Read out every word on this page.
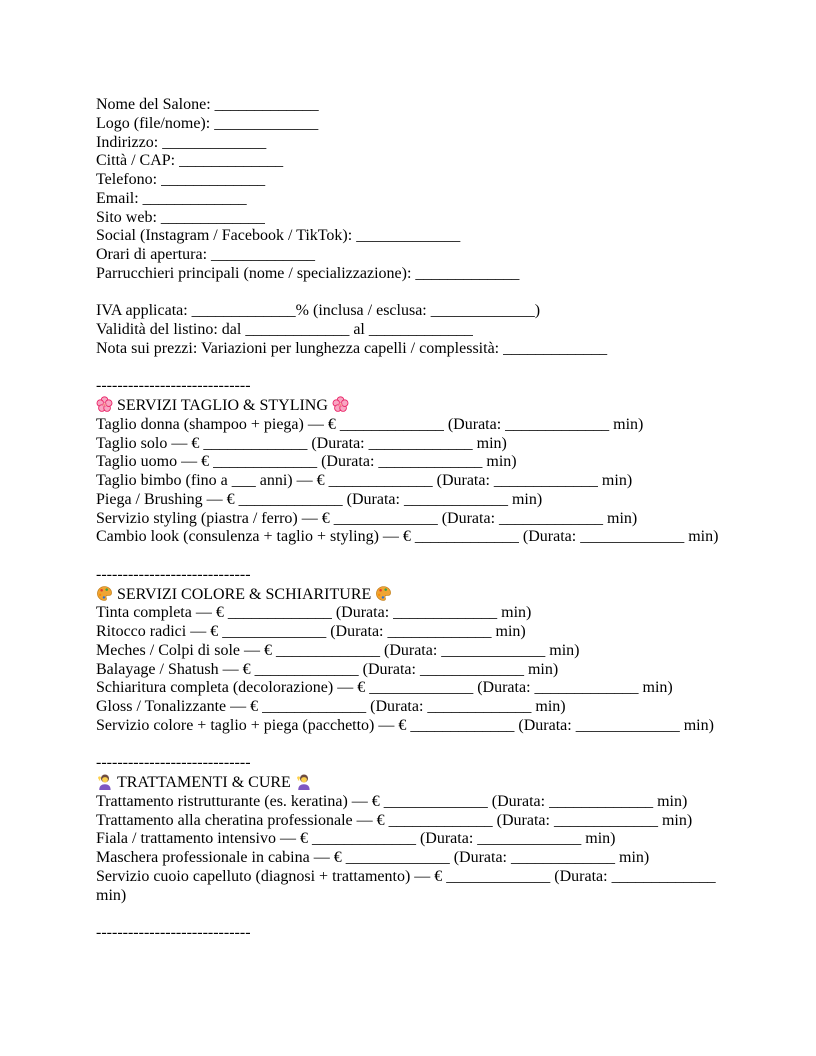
Nome del Salone: _____________
Logo (file/nome): _____________
Indirizzo: _____________
Città / CAP: _____________
Telefono: _____________
Email: _____________
Sito web: _____________
Social (Instagram / Facebook / TikTok): _____________
Orari di apertura: _____________
Parrucchieri principali (nome / specializzazione): _____________
IVA applicata: _____________% (inclusa / esclusa: _____________)
Validità del listino: dal _____________ al _____________
Nota sui prezzi: Variazioni per lunghezza capelli / complessità: _____________
-----------------------------
SERVIZI TAGLIO & STYLING
Taglio donna (shampoo + piega) — € _____________ (Durata: _____________ min)
Taglio solo — € _____________ (Durata: _____________ min)
Taglio uomo — € _____________ (Durata: _____________ min)
Taglio bimbo (fino a ___ anni) — € _____________ (Durata: _____________ min)
Piega / Brushing — € _____________ (Durata: _____________ min)
Servizio styling (piastra / ferro) — € _____________ (Durata: _____________ min)
Cambio look (consulenza + taglio + styling) — € _____________ (Durata: _____________ min)
-----------------------------
SERVIZI COLORE & SCHIARITURE
Tinta completa — € _____________ (Durata: _____________ min)
Ritocco radici — € _____________ (Durata: _____________ min)
Meches / Colpi di sole — € _____________ (Durata: _____________ min)
Balayage / Shatush — € _____________ (Durata: _____________ min)
Schiaritura completa (decolorazione) — € _____________ (Durata: _____________ min)
Gloss / Tonalizzante — € _____________ (Durata: _____________ min)
Servizio colore + taglio + piega (pacchetto) — € _____________ (Durata: _____________ min)
-----------------------------
TRATTAMENTI & CURE
Trattamento ristrutturante (es. keratina) — € _____________ (Durata: _____________ min)
Trattamento alla cheratina professionale — € _____________ (Durata: _____________ min)
Fiala / trattamento intensivo — € _____________ (Durata: _____________ min)
Maschera professionale in cabina — € _____________ (Durata: _____________ min)
Servizio cuoio capelluto (diagnosi + trattamento) — € _____________ (Durata: _____________ min)
-----------------------------
